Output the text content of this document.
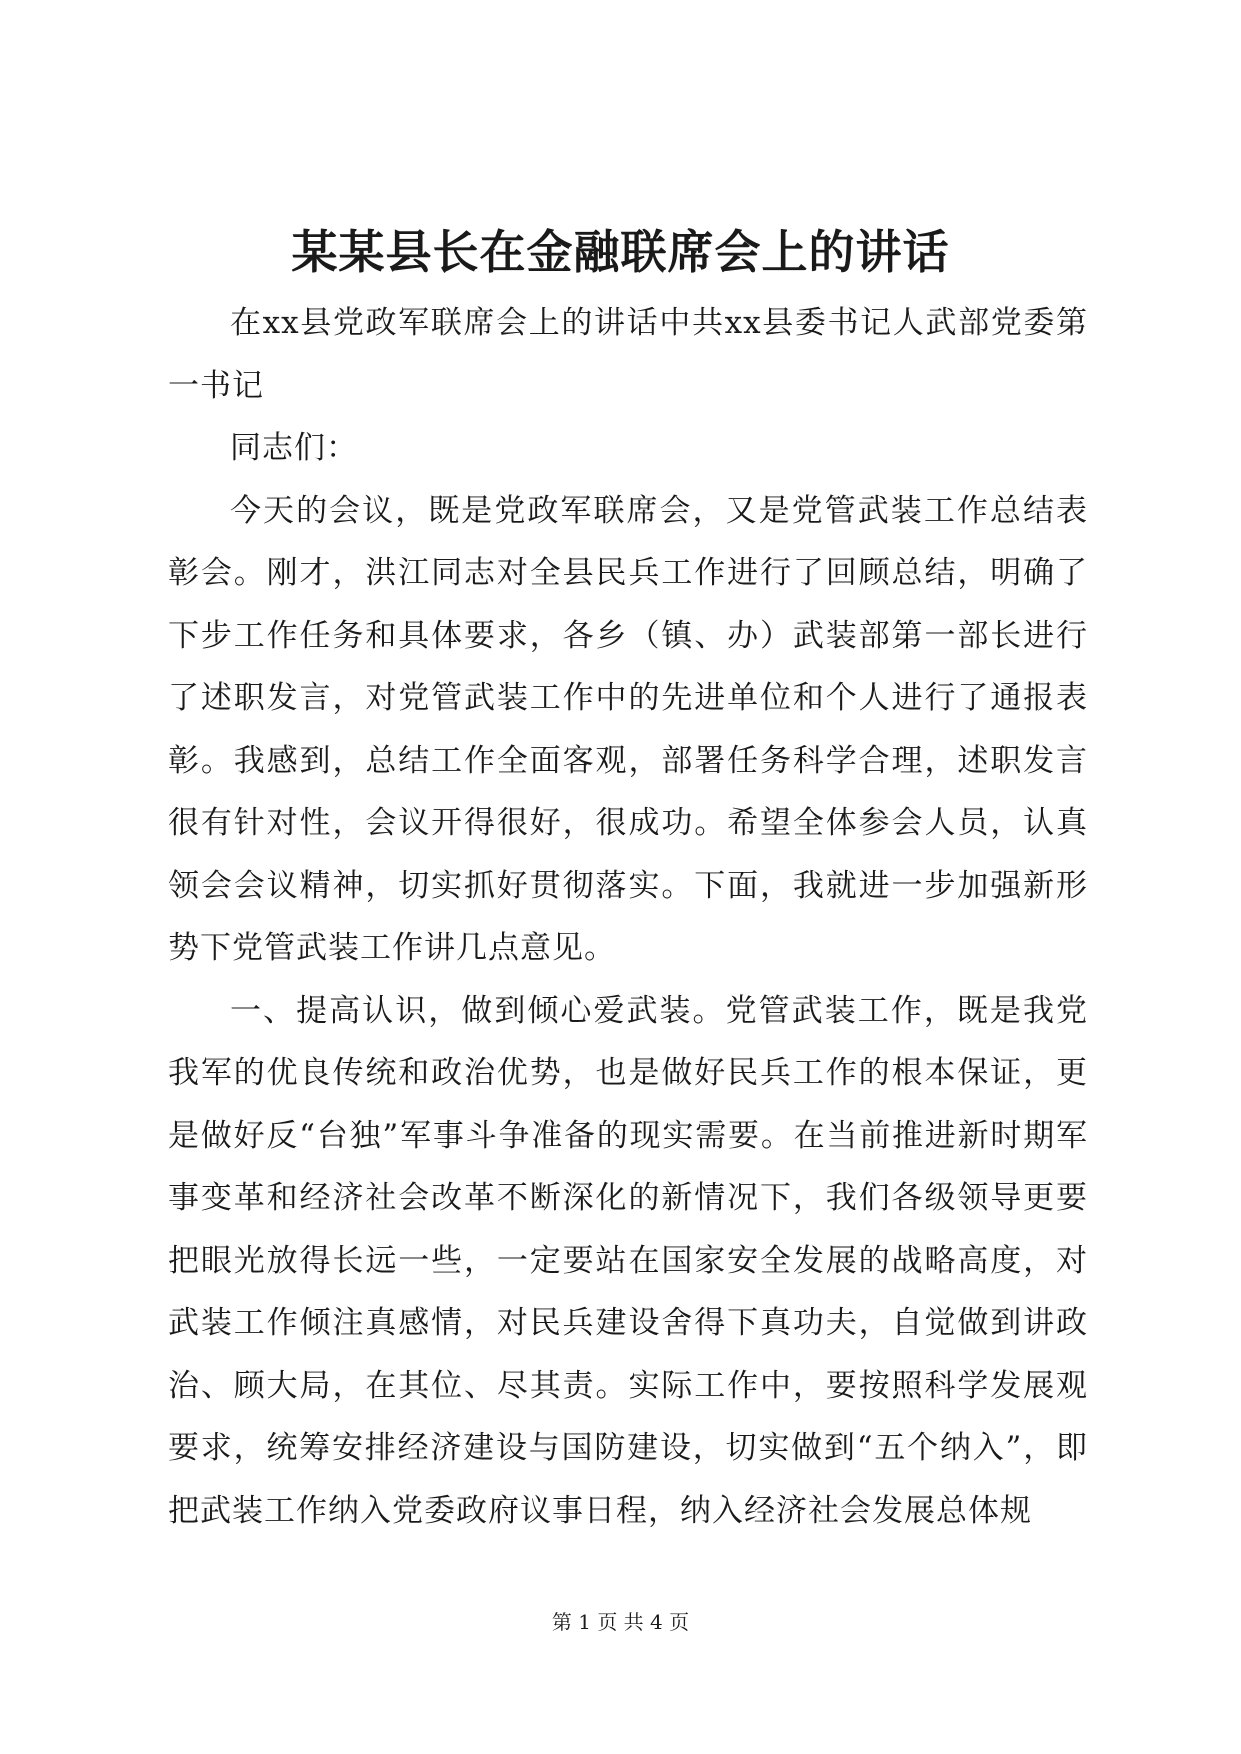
某某县长在金融联席会上的讲话

在xx县党政军联席会上的讲话中共xx县委书记人武部党委第一书记

同志们：

今天的会议，既是党政军联席会，又是党管武装工作总结表彰会。刚才，洪江同志对全县民兵工作进行了回顾总结，明确了下步工作任务和具体要求，各乡（镇、办）武装部第一部长进行了述职发言，对党管武装工作中的先进单位和个人进行了通报表彰。我感到，总结工作全面客观，部署任务科学合理，述职发言很有针对性，会议开得很好，很成功。希望全体参会人员，认真领会会议精神，切实抓好贯彻落实。下面，我就进一步加强新形势下党管武装工作讲几点意见。

一、提高认识，做到倾心爱武装。党管武装工作，既是我党我军的优良传统和政治优势，也是做好民兵工作的根本保证，更是做好反“台独”军事斗争准备的现实需要。在当前推进新时期军事变革和经济社会改革不断深化的新情况下，我们各级领导更要把眼光放得长远一些，一定要站在国家安全发展的战略高度，对武装工作倾注真感情，对民兵建设舍得下真功夫，自觉做到讲政治、顾大局，在其位、尽其责。实际工作中，要按照科学发展观要求，统筹安排经济建设与国防建设，切实做到“五个纳入”，即把武装工作纳入党委政府议事日程，纳入经济社会发展总体规

第 1 页 共 4 页
